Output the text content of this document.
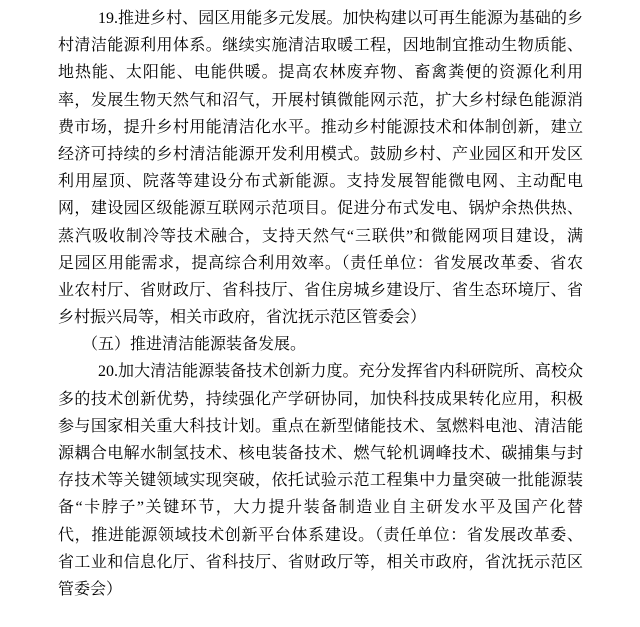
19.推进乡村、园区用能多元发展。加快构建以可再生能源为基础的乡
村清洁能源利用体系。继续实施清洁取暖工程，因地制宜推动生物质能、
地热能、太阳能、电能供暖。提高农林废弃物、畜禽粪便的资源化利用
率，发展生物天然气和沼气，开展村镇微能网示范，扩大乡村绿色能源消
费市场，提升乡村用能清洁化水平。推动乡村能源技术和体制创新，建立
经济可持续的乡村清洁能源开发利用模式。鼓励乡村、产业园区和开发区
利用屋顶、院落等建设分布式新能源。支持发展智能微电网、主动配电
网，建设园区级能源互联网示范项目。促进分布式发电、锅炉余热供热、
蒸汽吸收制冷等技术融合，支持天然气“三联供”和微能网项目建设，满
足园区用能需求，提高综合利用效率。（责任单位：省发展改革委、省农
业农村厅、省财政厅、省科技厅、省住房城乡建设厅、省生态环境厅、省
乡村振兴局等，相关市政府，省沈抚示范区管委会）
（五）推进清洁能源装备发展。
20.加大清洁能源装备技术创新力度。充分发挥省内科研院所、高校众
多的技术创新优势，持续强化产学研协同，加快科技成果转化应用，积极
参与国家相关重大科技计划。重点在新型储能技术、氢燃料电池、清洁能
源耦合电解水制氢技术、核电装备技术、燃气轮机调峰技术、碳捕集与封
存技术等关键领域实现突破，依托试验示范工程集中力量突破一批能源装
备“卡脖子”关键环节，大力提升装备制造业自主研发水平及国产化替
代，推进能源领域技术创新平台体系建设。（责任单位：省发展改革委、
省工业和信息化厅、省科技厅、省财政厅等，相关市政府，省沈抚示范区
管委会）
